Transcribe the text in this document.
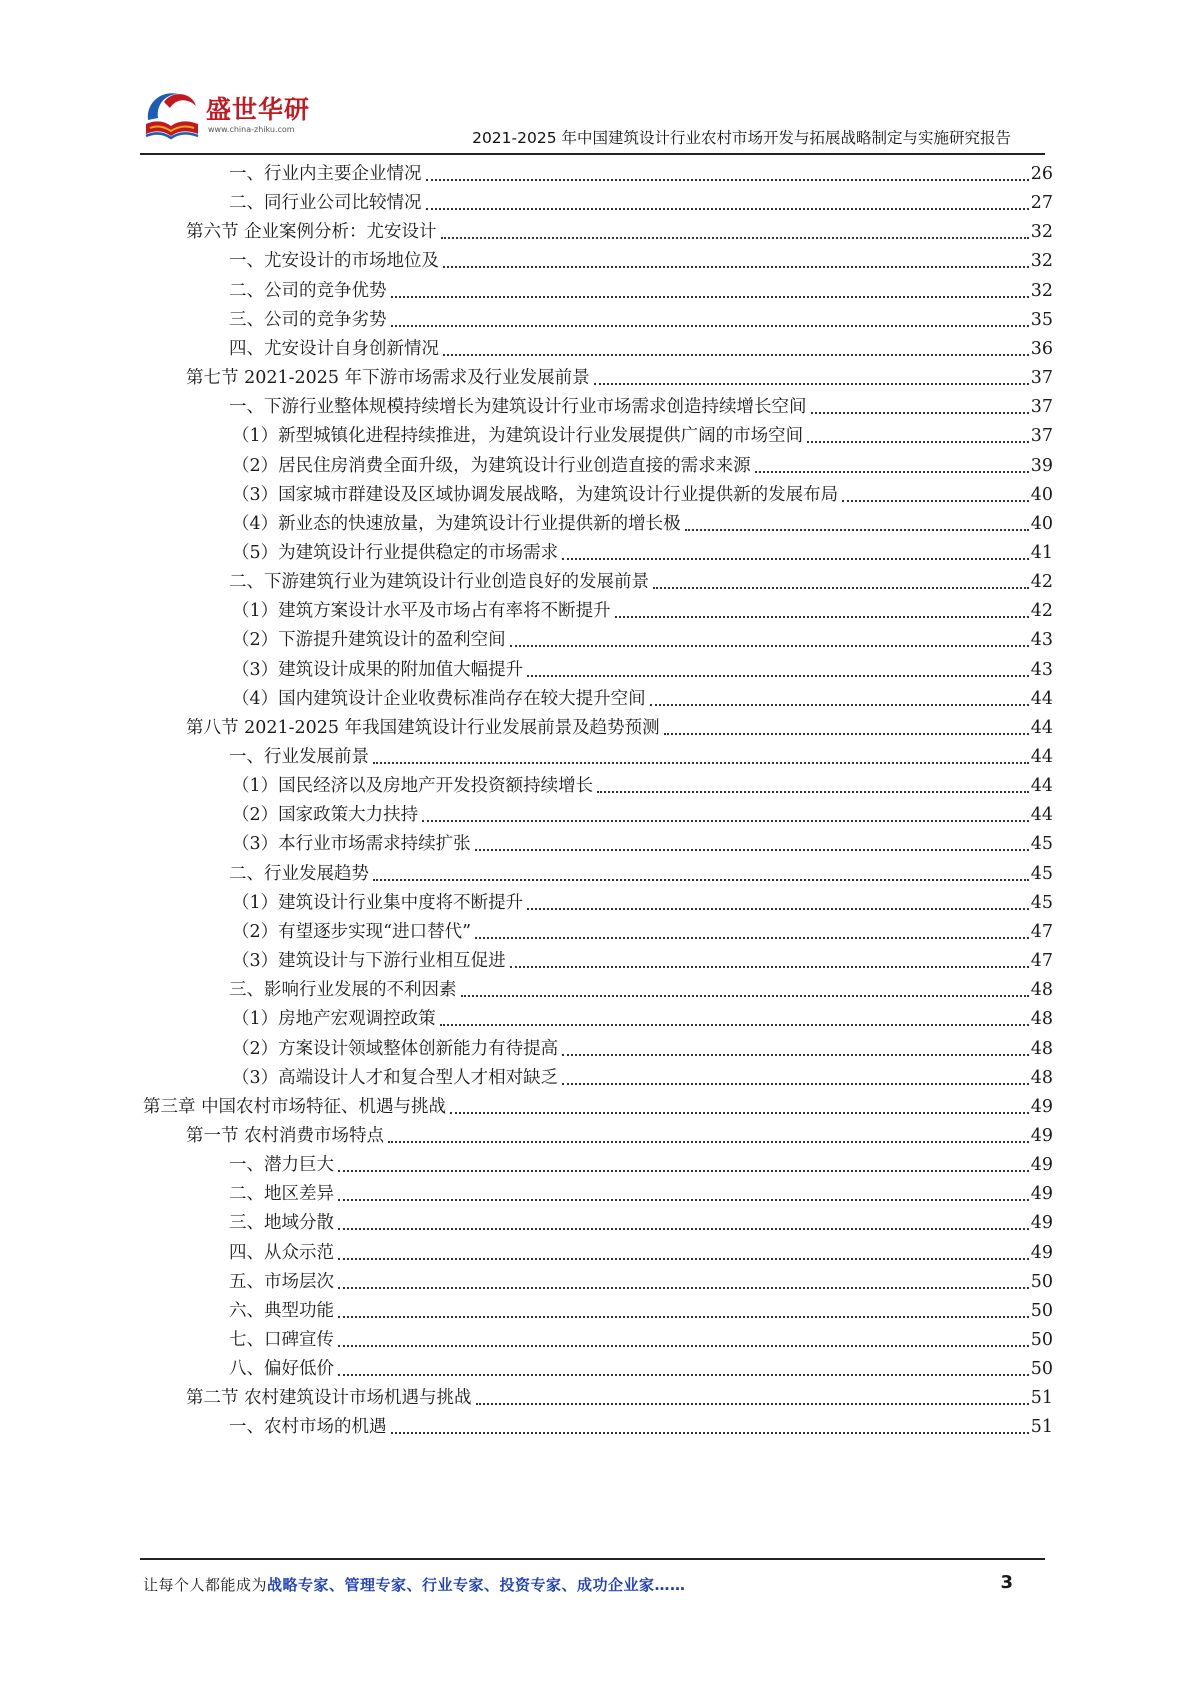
盛世华研
www.china-zhiku.com	2021-2025 年中国建筑设计行业农村市场开发与拓展战略制定与实施研究报告
一、行业内主要企业情况	26
二、同行业公司比较情况	27
第六节 企业案例分析：尤安设计	32
一、尤安设计的市场地位及	32
二、公司的竞争优势	32
三、公司的竞争劣势	35
四、尤安设计自身创新情况	36
第七节 2021-2025 年下游市场需求及行业发展前景	37
一、下游行业整体规模持续增长为建筑设计行业市场需求创造持续增长空间	37
（1）新型城镇化进程持续推进，为建筑设计行业发展提供广阔的市场空间	37
（2）居民住房消费全面升级，为建筑设计行业创造直接的需求来源	39
（3）国家城市群建设及区域协调发展战略，为建筑设计行业提供新的发展布局	40
（4）新业态的快速放量，为建筑设计行业提供新的增长极	40
（5）为建筑设计行业提供稳定的市场需求	41
二、下游建筑行业为建筑设计行业创造良好的发展前景	42
（1）建筑方案设计水平及市场占有率将不断提升	42
（2）下游提升建筑设计的盈利空间	43
（3）建筑设计成果的附加值大幅提升	43
（4）国内建筑设计企业收费标准尚存在较大提升空间	44
第八节 2021-2025 年我国建筑设计行业发展前景及趋势预测	44
一、行业发展前景	44
（1）国民经济以及房地产开发投资额持续增长	44
（2）国家政策大力扶持	44
（3）本行业市场需求持续扩张	45
二、行业发展趋势	45
（1）建筑设计行业集中度将不断提升	45
（2）有望逐步实现“进口替代”	47
（3）建筑设计与下游行业相互促进	47
三、影响行业发展的不利因素	48
（1）房地产宏观调控政策	48
（2）方案设计领域整体创新能力有待提高	48
（3）高端设计人才和复合型人才相对缺乏	48
第三章 中国农村市场特征、机遇与挑战	49
第一节 农村消费市场特点	49
一、潜力巨大	49
二、地区差异	49
三、地域分散	49
四、从众示范	49
五、市场层次	50
六、典型功能	50
七、口碑宣传	50
八、偏好低价	50
第二节 农村建筑设计市场机遇与挑战	51
一、农村市场的机遇	51
让每个人都能成为战略专家、管理专家、行业专家、投资专家、成功企业家……	3
